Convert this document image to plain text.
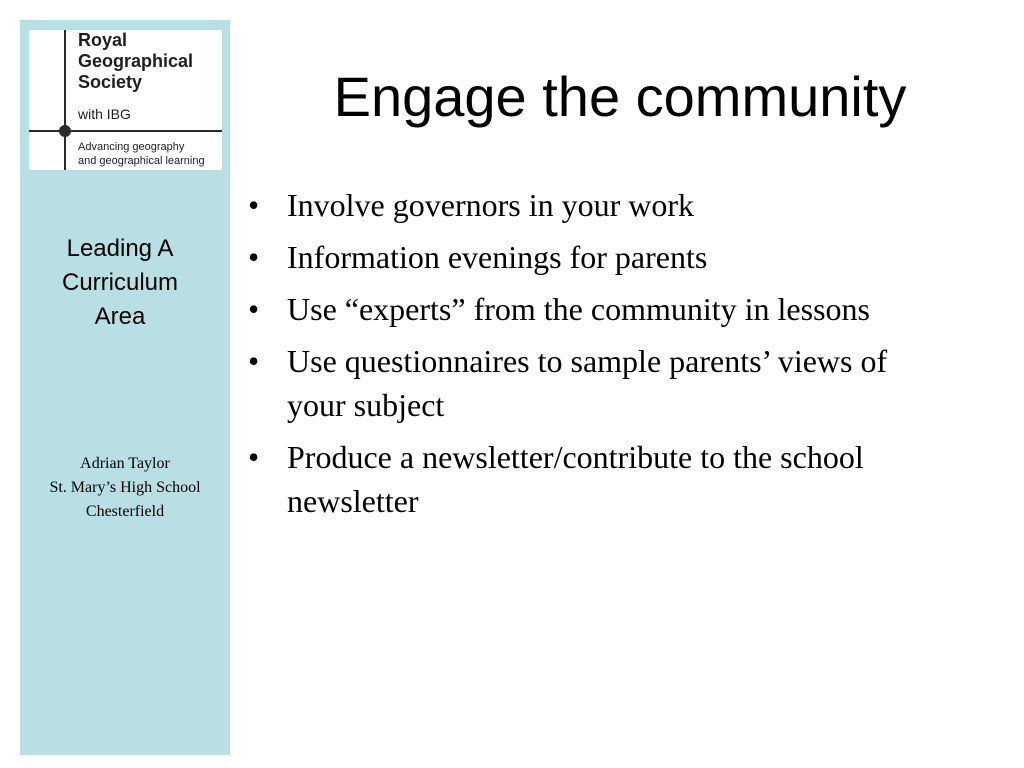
Royal
Geographical
Society
with IBG
Advancing geography
and geographical learning
Leading A
Curriculum
Area
Adrian Taylor
St. Mary’s High School
Chesterfield
Engage the community
• Involve governors in your work
• Information evenings for parents
• Use “experts” from the community in lessons
• Use questionnaires to sample parents’ views of your subject
• Produce a newsletter/contribute to the school newsletter
